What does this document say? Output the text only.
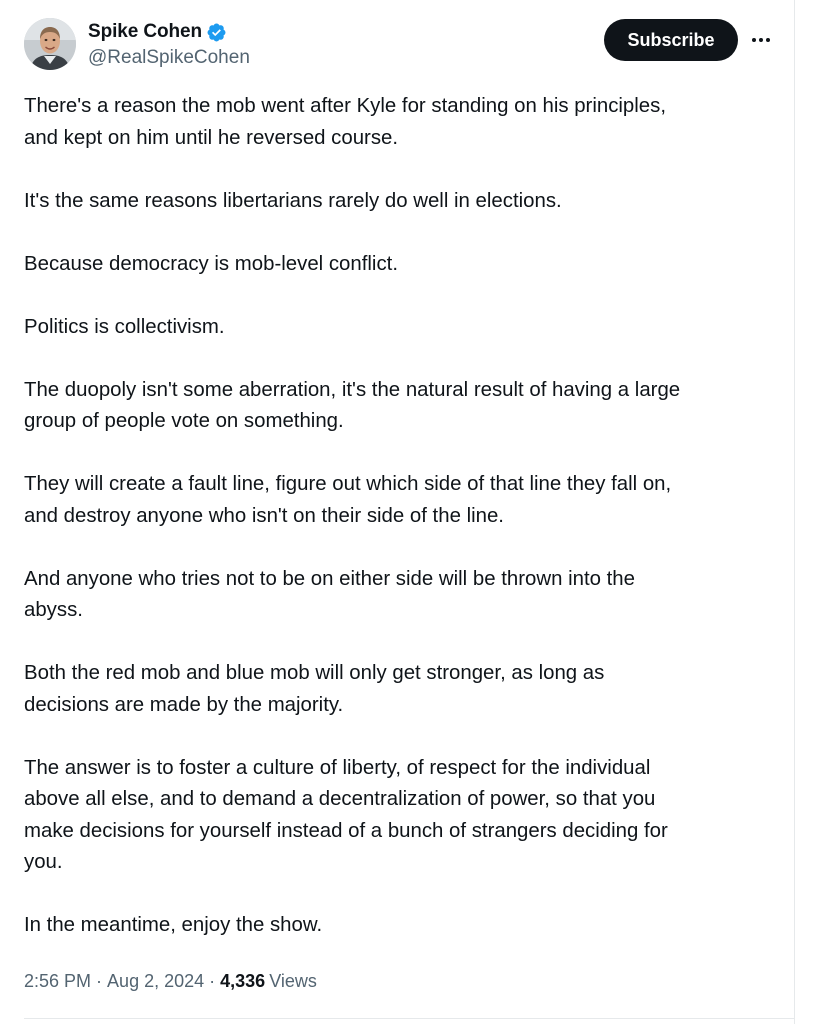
Spike Cohen
@RealSpikeCohen
Subscribe

There's a reason the mob went after Kyle for standing on his principles,
and kept on him until he reversed course.

It's the same reasons libertarians rarely do well in elections.

Because democracy is mob-level conflict.

Politics is collectivism.

The duopoly isn't some aberration, it's the natural result of having a large
group of people vote on something.

They will create a fault line, figure out which side of that line they fall on,
and destroy anyone who isn't on their side of the line.

And anyone who tries not to be on either side will be thrown into the
abyss.

Both the red mob and blue mob will only get stronger, as long as
decisions are made by the majority.

The answer is to foster a culture of liberty, of respect for the individual
above all else, and to demand a decentralization of power, so that you
make decisions for yourself instead of a bunch of strangers deciding for
you.

In the meantime, enjoy the show.

2:56 PM · Aug 2, 2024 · 4,336 Views
